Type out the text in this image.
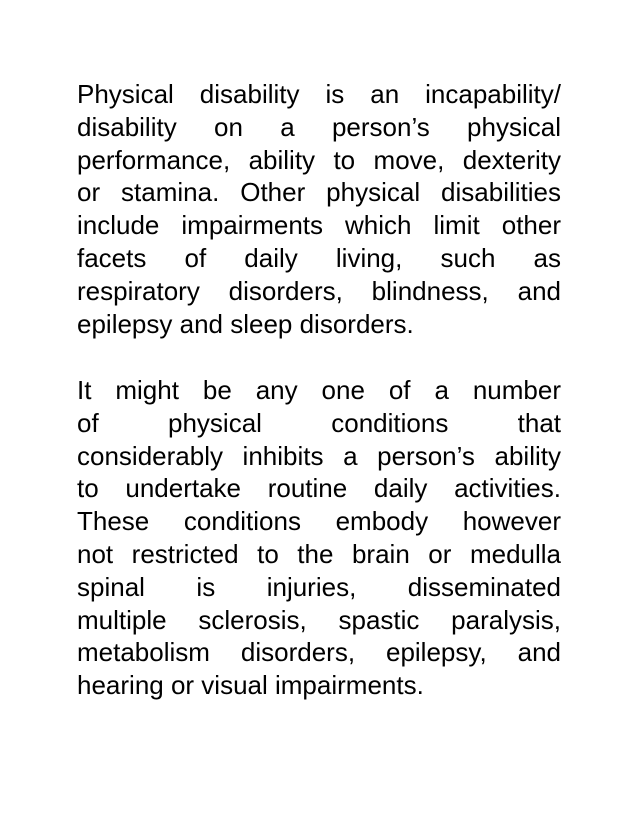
Physical disability is an incapability/
disability on a person’s physical
performance, ability to move, dexterity
or stamina. Other physical disabilities
include impairments which limit other
facets of daily living, such as
respiratory disorders, blindness, and
epilepsy and sleep disorders.
It might be any one of a number
of physical conditions that
considerably inhibits a person’s ability
to undertake routine daily activities.
These conditions embody however
not restricted to the brain or medulla
spinal is injuries, disseminated
multiple sclerosis, spastic paralysis,
metabolism disorders, epilepsy, and
hearing or visual impairments.
